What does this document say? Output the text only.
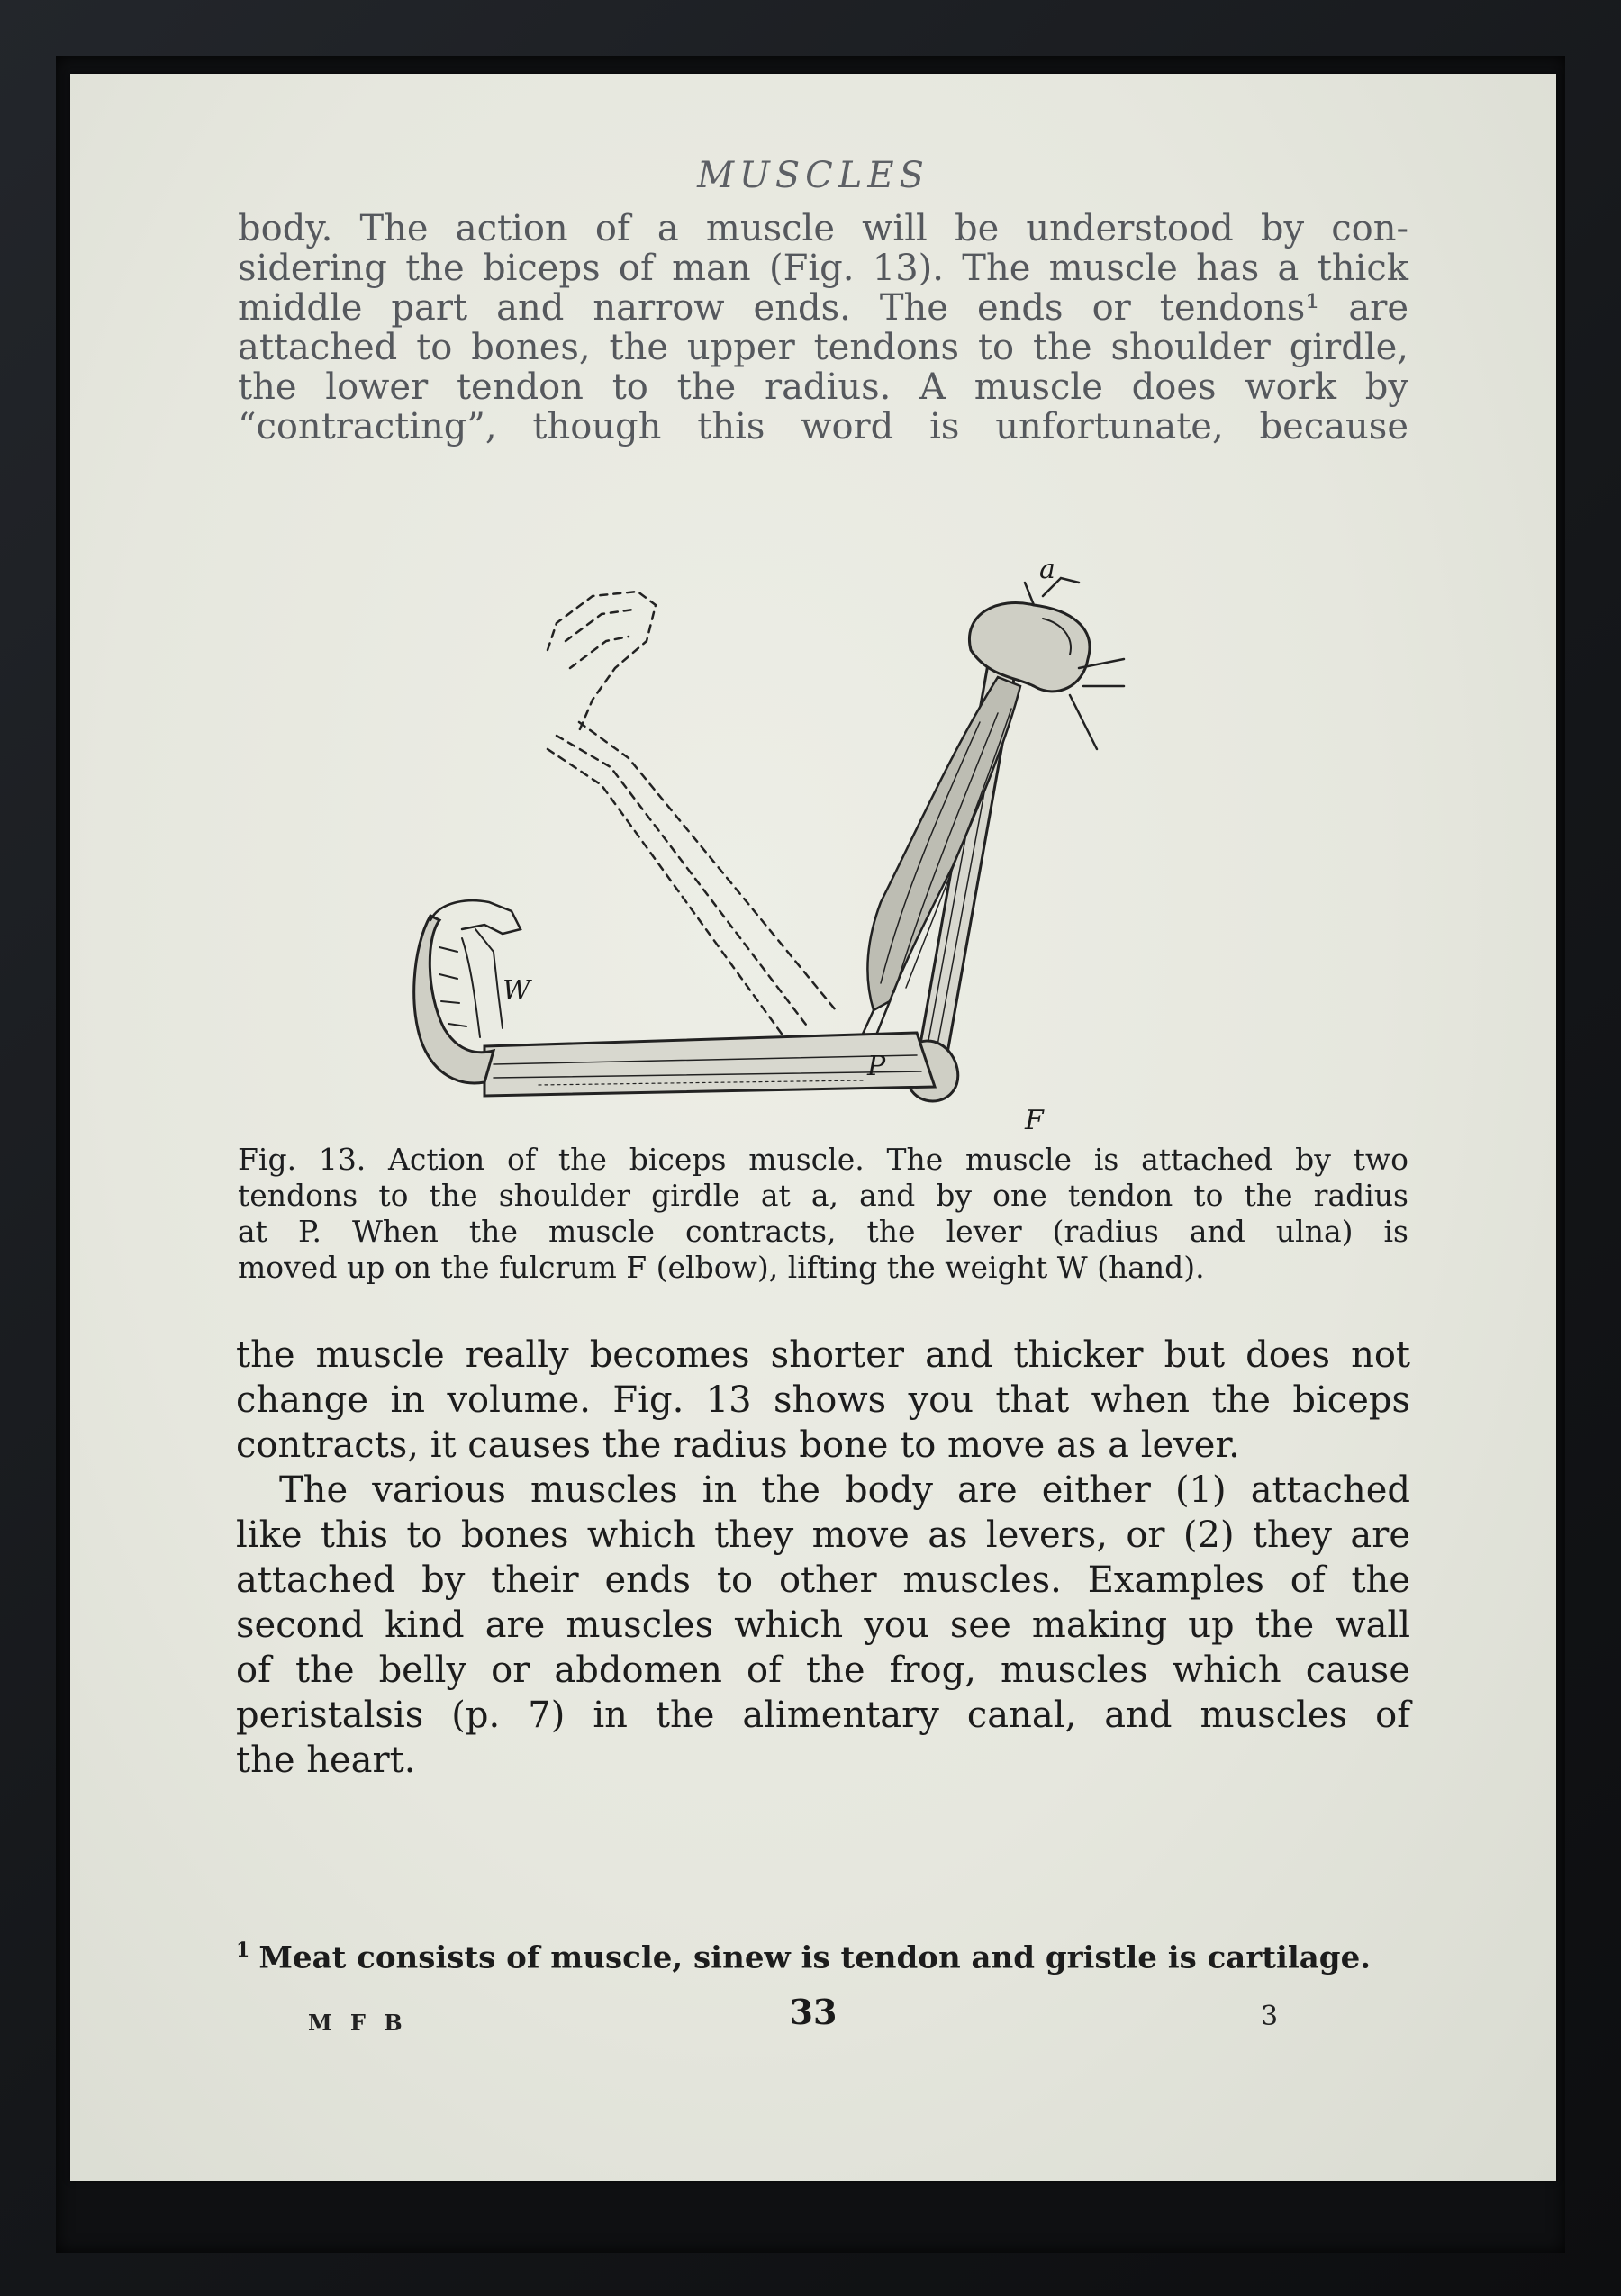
MUSCLES
body. The action of a muscle will be understood by con-
sidering the biceps of man (Fig. 13). The muscle has a thick
middle part and narrow ends. The ends or tendons¹ are
attached to bones, the upper tendons to the shoulder girdle,
the lower tendon to the radius. A muscle does work by
“contracting”, though this word is unfortunate, because
a
P
W
F
Fig. 13. Action of the biceps muscle. The muscle is attached by two
tendons to the shoulder girdle at a, and by one tendon to the radius
at P. When the muscle contracts, the lever (radius and ulna) is
moved up on the fulcrum F (elbow), lifting the weight W (hand).
the muscle really becomes shorter and thicker but does not
change in volume. Fig. 13 shows you that when the biceps
contracts, it causes the radius bone to move as a lever.
The various muscles in the body are either (1) attached
like this to bones which they move as levers, or (2) they are
attached by their ends to other muscles. Examples of the
second kind are muscles which you see making up the wall
of the belly or abdomen of the frog, muscles which cause
peristalsis (p. 7) in the alimentary canal, and muscles of
the heart.
$^1$ Meat consists of muscle, sinew is tendon and gristle is cartilage.
M F B	33	3
